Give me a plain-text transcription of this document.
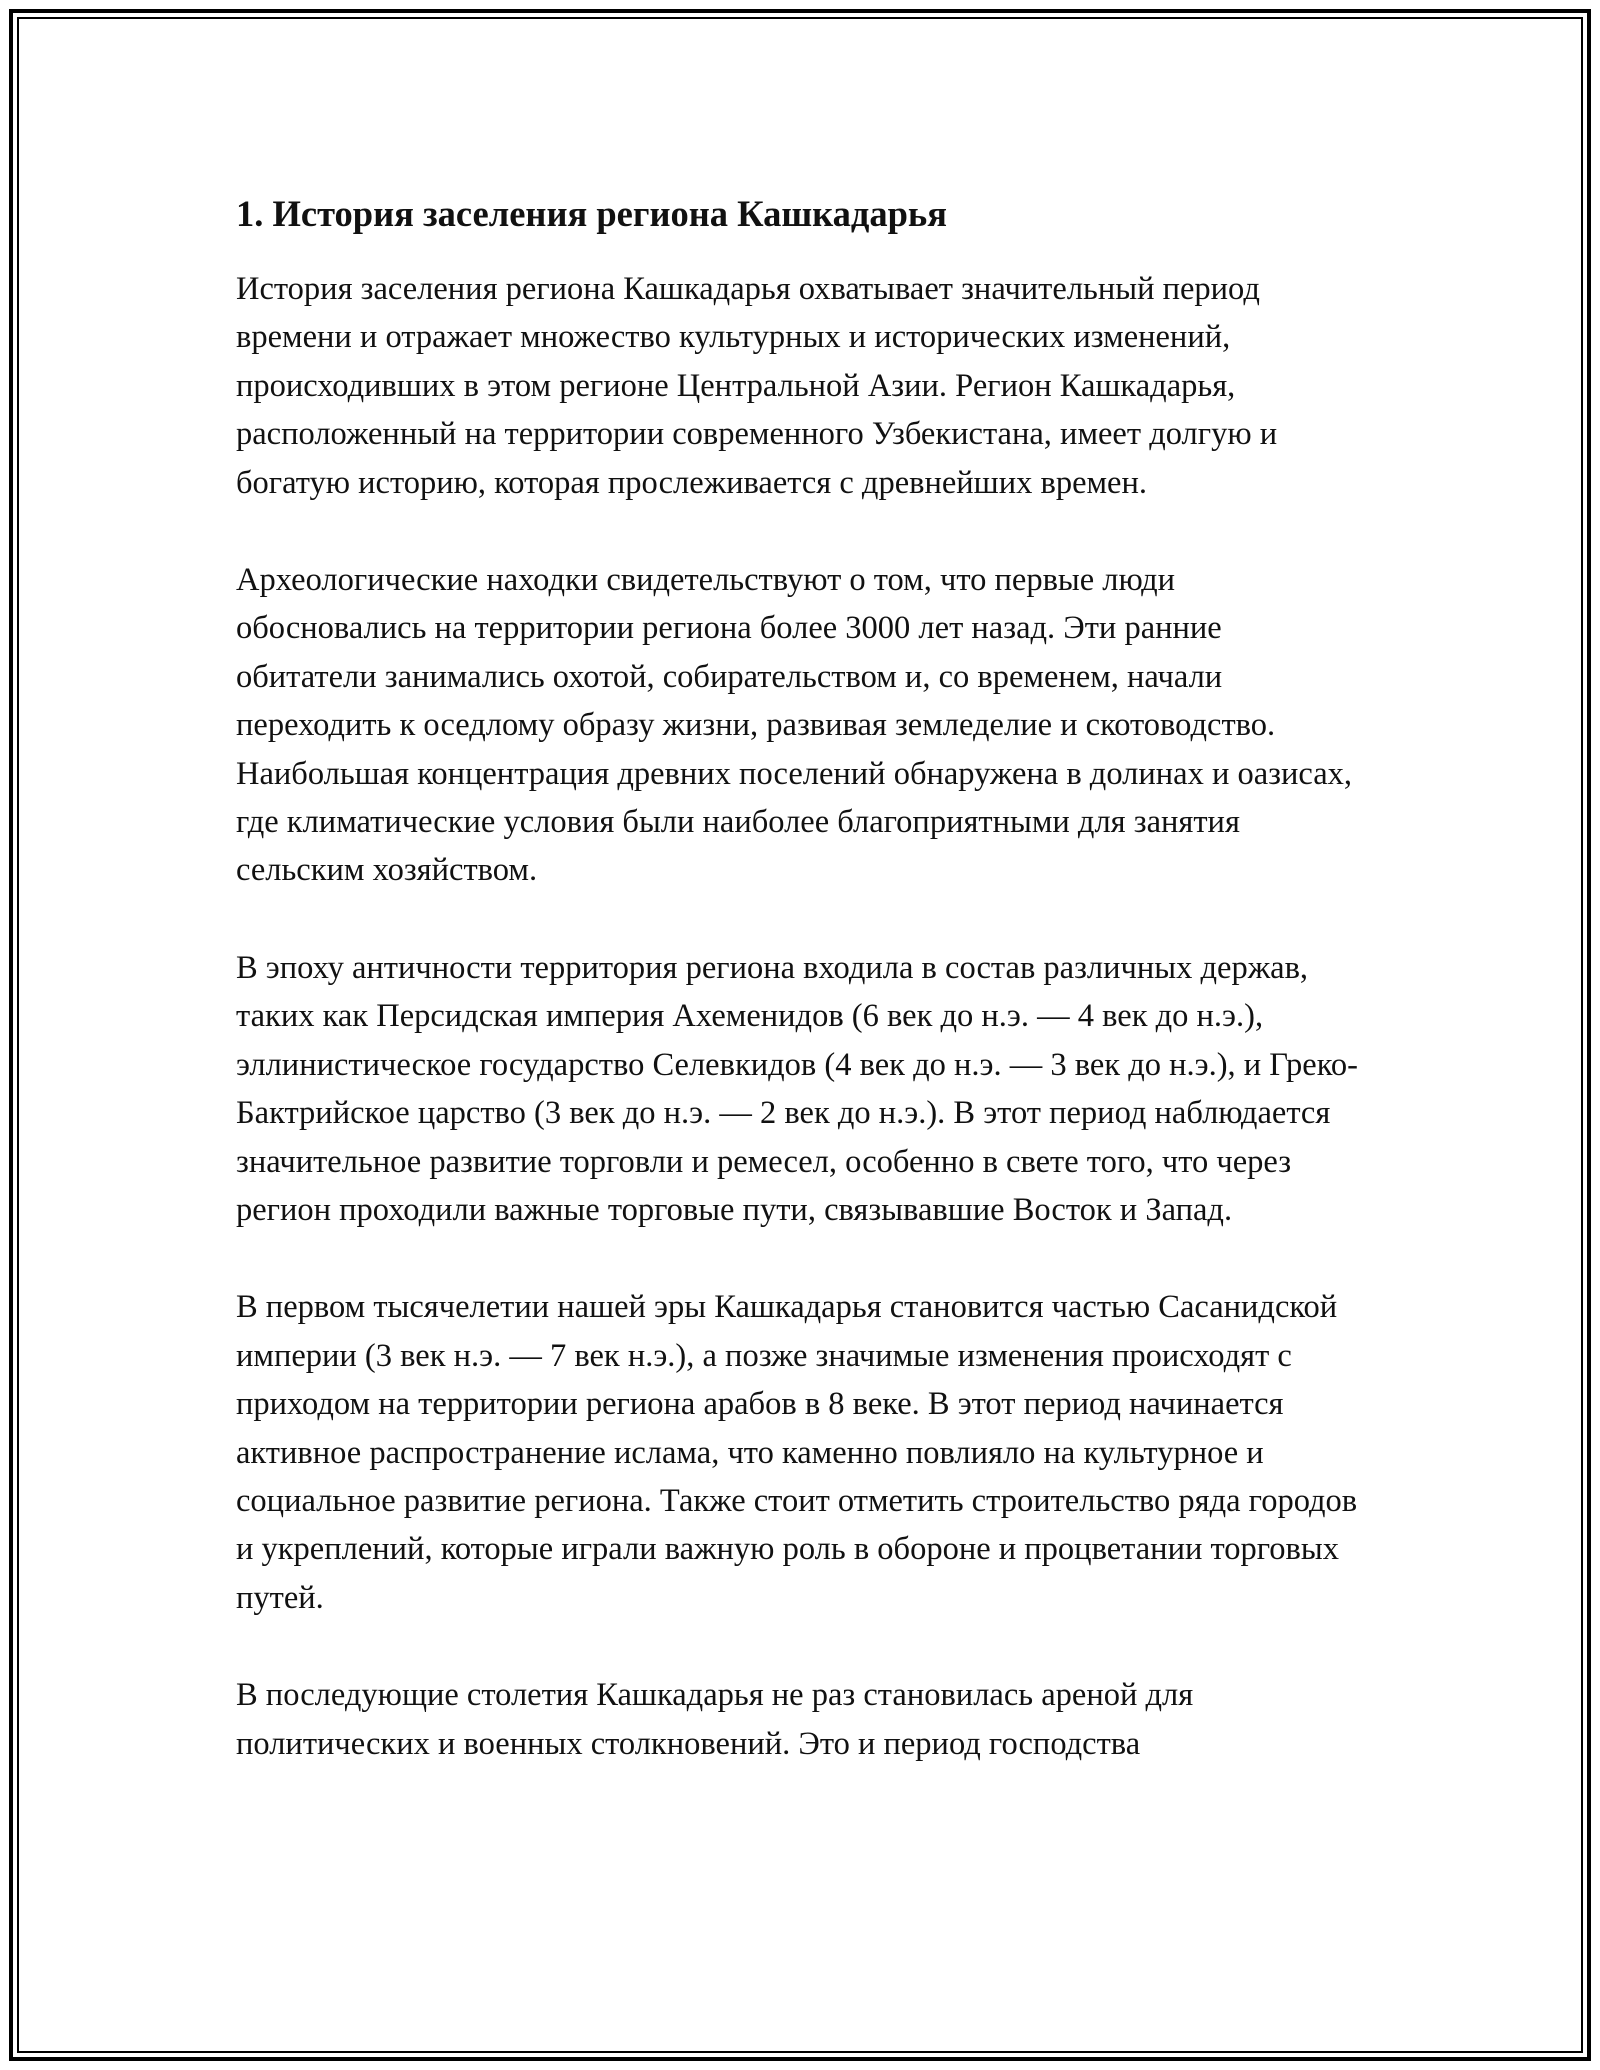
1. История заселения региона Кашкадарья

История заселения региона Кашкадарья охватывает значительный период времени и отражает множество культурных и исторических изменений, происходивших в этом регионе Центральной Азии. Регион Кашкадарья, расположенный на территории современного Узбекистана, имеет долгую и богатую историю, которая прослеживается с древнейших времен.

Археологические находки свидетельствуют о том, что первые люди обосновались на территории региона более 3000 лет назад. Эти ранние обитатели занимались охотой, собирательством и, со временем, начали переходить к оседлому образу жизни, развивая земледелие и скотоводство. Наибольшая концентрация древних поселений обнаружена в долинах и оазисах, где климатические условия были наиболее благоприятными для занятия сельским хозяйством.

В эпоху античности территория региона входила в состав различных держав, таких как Персидская империя Ахеменидов (6 век до н.э. — 4 век до н.э.), эллинистическое государство Селевкидов (4 век до н.э. — 3 век до н.э.), и Греко-Бактрийское царство (3 век до н.э. — 2 век до н.э.). В этот период наблюдается значительное развитие торговли и ремесел, особенно в свете того, что через регион проходили важные торговые пути, связывавшие Восток и Запад.

В первом тысячелетии нашей эры Кашкадарья становится частью Сасанидской империи (3 век н.э. — 7 век н.э.), а позже значимые изменения происходят с приходом на территории региона арабов в 8 веке. В этот период начинается активное распространение ислама, что каменно повлияло на культурное и социальное развитие региона. Также стоит отметить строительство ряда городов и укреплений, которые играли важную роль в обороне и процветании торговых путей.

В последующие столетия Кашкадарья не раз становилась ареной для политических и военных столкновений. Это и период господства
